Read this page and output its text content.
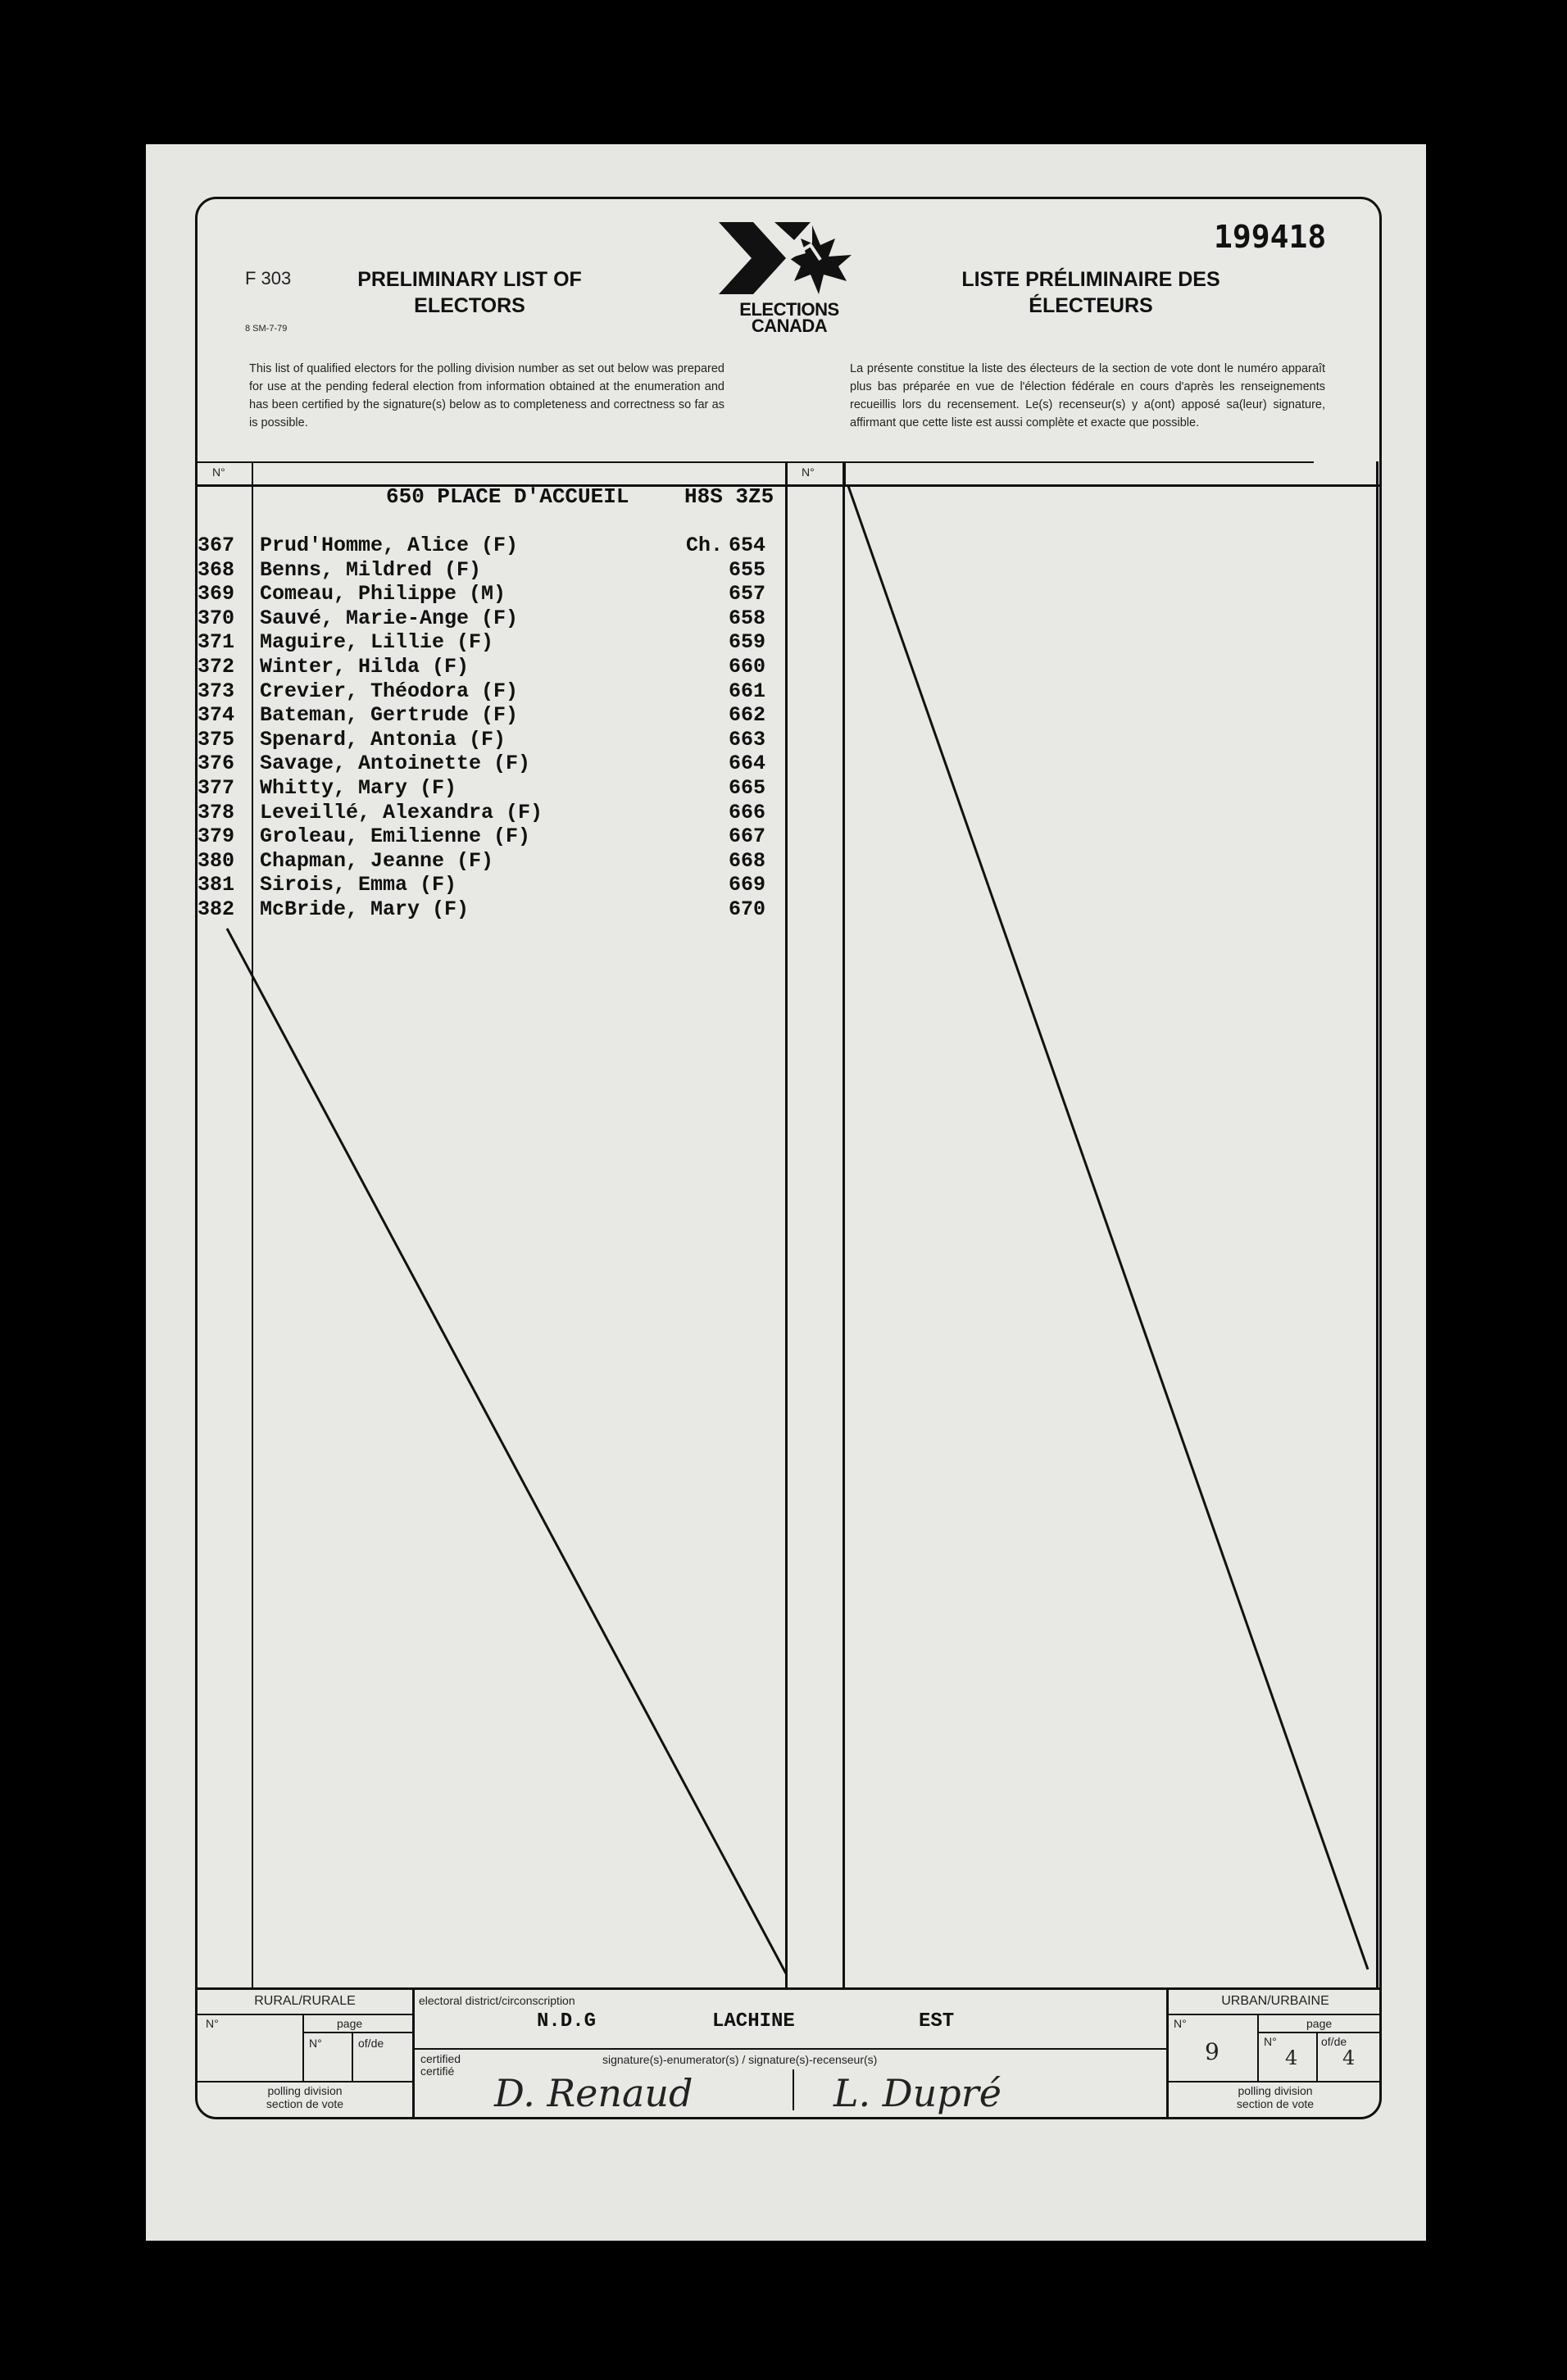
F 303
8 SM-7-79
PRELIMINARY LIST OF
ELECTORS	ELECTIONS
CANADA
LISTE PRÉLIMINAIRE DES
ÉLECTEURS
199418
This list of qualified electors for the polling division number as set out below was prepared for use at the pending federal election from information obtained at the enumeration and has been certified by the signature(s) below as to completeness and correctness so far as is possible.
La présente constitue la liste des électeurs de la section de vote dont le numéro apparaît plus bas préparée en vue de l'élection fédérale en cours d'après les renseignements recueillis lors du recensement. Le(s) recenseur(s) y a(ont) apposé sa(leur) signature, affirmant que cette liste est aussi complète et exacte que possible.
N°	N°
650 PLACE D'ACCUEIL	H8S 3Z5
367 Prud'Homme, Alice (F)	Ch. 654
368 Benns, Mildred (F)	655
369 Comeau, Philippe (M)	657
370 Sauvé, Marie-Ange (F)	658
371 Maguire, Lillie (F)	659
372 Winter, Hilda (F)	660
373 Crevier, Théodora (F)	661
374 Bateman, Gertrude (F)	662
375 Spenard, Antonia (F)	663
376 Savage, Antoinette (F)	664
377 Whitty, Mary (F)	665
378 Leveillé, Alexandra (F)	666
379 Groleau, Emilienne (F)	667
380 Chapman, Jeanne (F)	668
381 Sirois, Emma (F)	669
382 McBride, Mary (F)	670
RURAL/RURALE
N°	page
N°	of/de
polling division
section de vote
electoral district/circonscription
N.D.G	LACHINE	EST
certified
certifié
signature(s)-enumerator(s) / signature(s)-recenseur(s)
D. Renaud	L. Dupré
URBAN/URBAINE
N°
9
page
N°
4
of/de
4
polling division
section de vote
